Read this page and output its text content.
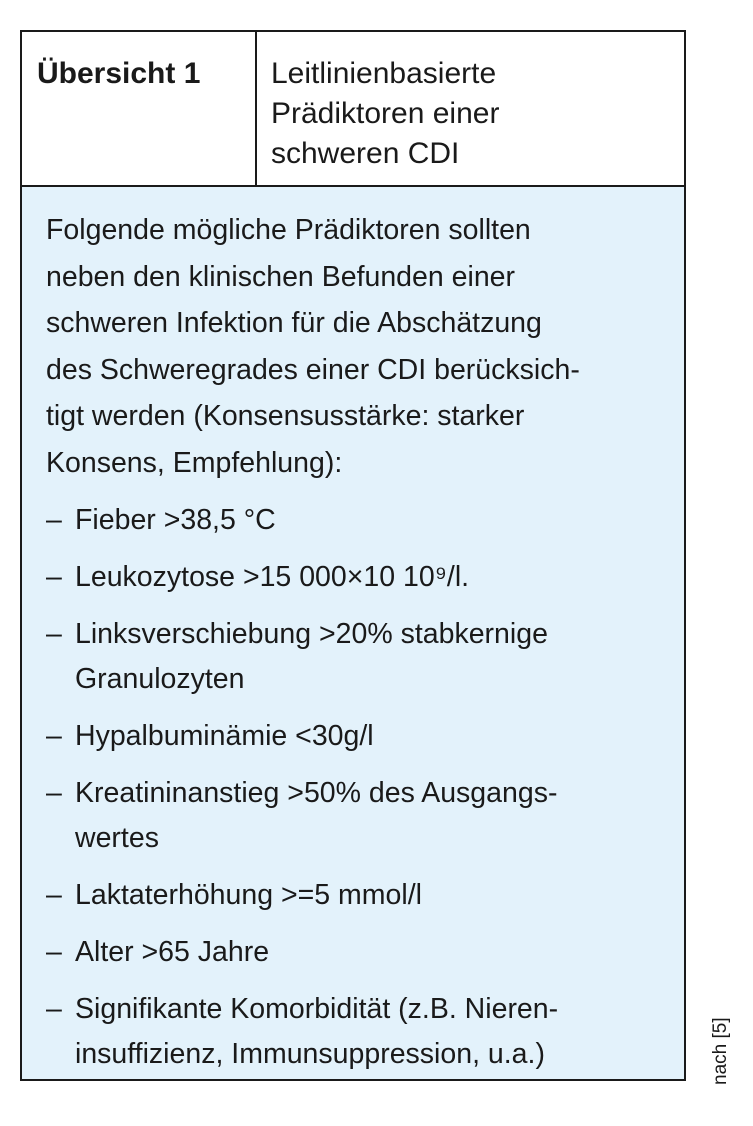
Übersicht 1	Leitlinienbasierte
Prädiktoren einer
schweren CDI
Folgende mögliche Prädiktoren sollten
neben den klinischen Befunden einer
schweren Infektion für die Abschätzung
des Schweregrades einer CDI berücksich-
tigt werden (Konsensusstärke: starker
Konsens, Empfehlung):
– Fieber >38,5 °C
– Leukozytose >15 000×10 10⁹/l.
– Linksverschiebung >20% stabkernige
Granulozyten
– Hypalbuminämie <30g/l
– Kreatininanstieg >50% des Ausgangs-
wertes
– Laktaterhöhung >=5 mmol/l
– Alter >65 Jahre
– Signifikante Komorbidität (z.B. Nieren-
insuffizienz, Immunsuppression, u.a.)	nach [5]
